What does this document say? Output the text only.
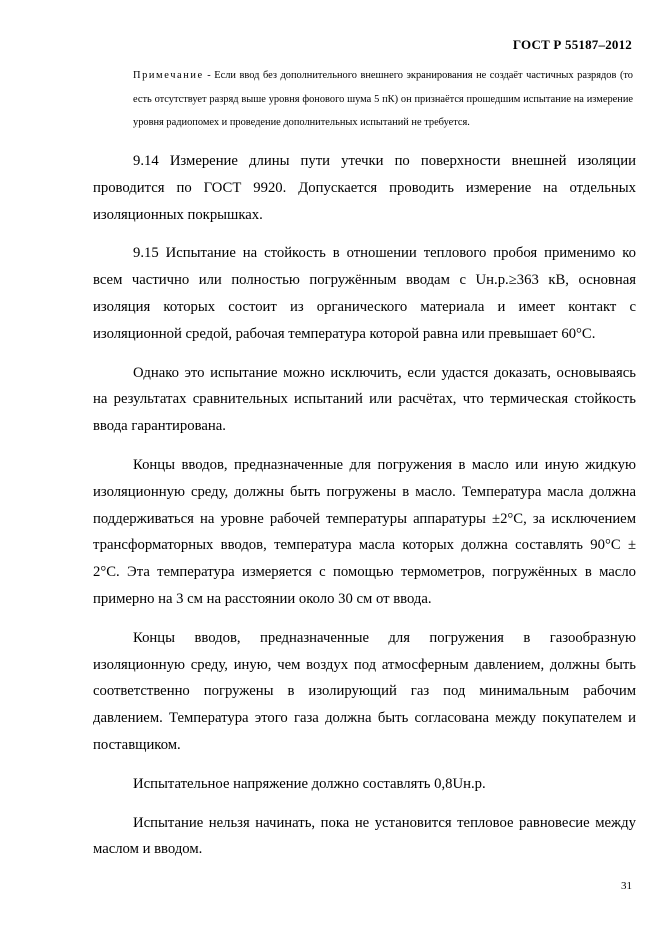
ГОСТ Р 55187–2012
Примечание - Если ввод без дополнительного внешнего экранирования не создаёт частичных разрядов (то есть отсутствует разряд выше уровня фонового шума 5 пК) он признаётся прошедшим испытание на измерение уровня радиопомех и проведение дополнительных испытаний не требуется.

9.14 Измерение длины пути утечки по поверхности внешней изоляции проводится по ГОСТ 9920. Допускается проводить измерение на отдельных изоляционных покрышках.

9.15 Испытание на стойкость в отношении теплового пробоя применимо ко всем частично или полностью погружённым вводам с Uн.р.≥363 кВ, основная изоляция которых состоит из органического материала и имеет контакт с изоляционной средой, рабочая температура которой равна или превышает 60°С.

Однако это испытание можно исключить, если удастся доказать, основываясь на результатах сравнительных испытаний или расчётах, что термическая стойкость ввода гарантирована.

Концы вводов, предназначенные для погружения в масло или иную жидкую изоляционную среду, должны быть погружены в масло. Температура масла должна поддерживаться на уровне рабочей температуры аппаратуры ±2°С, за исключением трансформаторных вводов, температура масла которых должна составлять 90°С ± 2°С. Эта температура измеряется с помощью термометров, погружённых в масло примерно на 3 см на расстоянии около 30 см от ввода.

Концы вводов, предназначенные для погружения в газообразную изоляционную среду, иную, чем воздух под атмосферным давлением, должны быть соответственно погружены в изолирующий газ под минимальным рабочим давлением. Температура этого газа должна быть согласована между покупателем и поставщиком.

Испытательное напряжение должно составлять 0,8Uн.р.

Испытание нельзя начинать, пока не установится тепловое равновесие между маслом и вводом.

31
